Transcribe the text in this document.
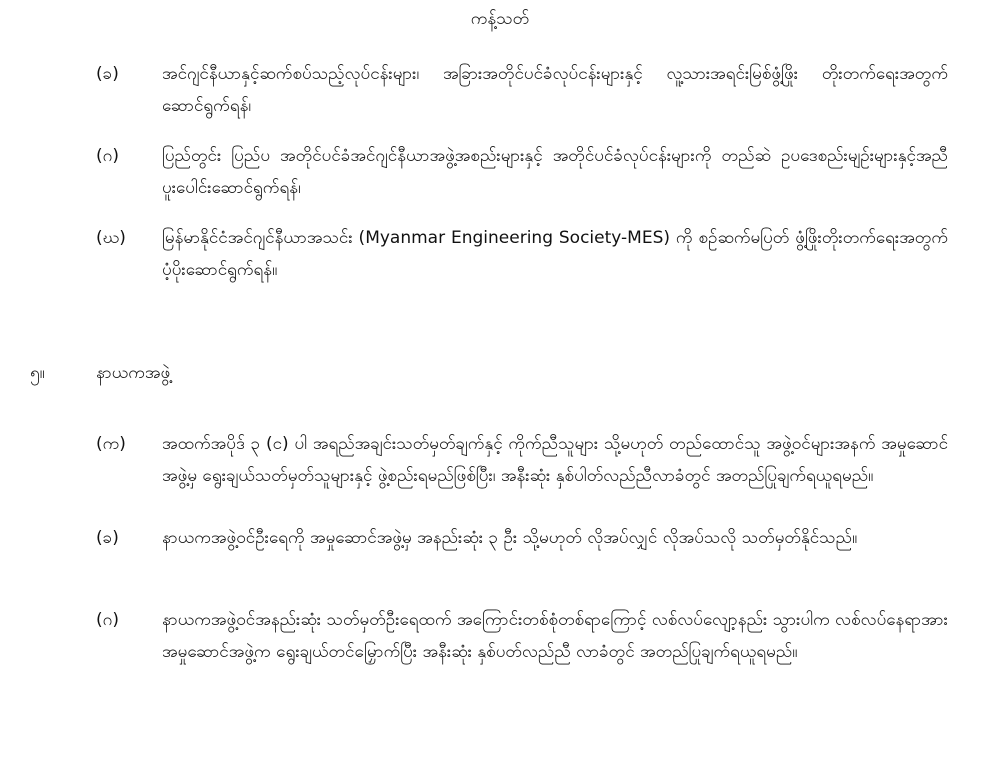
ကန့်သတ်
(ခ)	အင်ဂျင်နီယာနှင့်ဆက်စပ်သည့်လုပ်ငန်းများ၊ အခြားအတိုင်ပင်ခံလုပ်ငန်းများနှင့် လူ့သားအရင်းမြစ်ဖွံ့ဖြိုး တိုးတက်ရေးအတွက် ဆောင်ရွက်ရန်၊
(ဂ)	ပြည်တွင်း ပြည်ပ အတိုင်ပင်ခံအင်ဂျင်နီယာအဖွဲ့အစည်းများနှင့် အတိုင်ပင်ခံလုပ်ငန်းများကို တည်ဆဲ ဥပဒေစည်းမျဉ်းများနှင့်အညီ ပူးပေါင်းဆောင်ရွက်ရန်၊
(ဃ)	မြန်မာနိုင်ငံအင်ဂျင်နီယာအသင်း (Myanmar Engineering Society-MES) ကို စဉ်ဆက်မပြတ် ဖွံ့ဖြိုးတိုးတက်ရေးအတွက် ပံ့ပိုးဆောင်ရွက်ရန်။
၅။	နာယကအဖွဲ့
(က)	အထက်အပိုဒ် ၃ (င) ပါ အရည်အချင်းသတ်မှတ်ချက်နှင့် ကိုက်ညီသူများ သို့မဟုတ် တည်ထောင်သူ အဖွဲ့ဝင်များအနက် အမှုဆောင်အဖွဲ့မှ ရွေးချယ်သတ်မှတ်သူများနှင့် ဖွဲ့စည်းရမည်ဖြစ်ပြီး၊ အနီးဆုံး နှစ်ပါတ်လည်ညီလာခံတွင် အတည်ပြုချက်ရယူရမည်။
(ခ)	နာယကအဖွဲ့ဝင်ဦးရေကို အမှုဆောင်အဖွဲ့မှ အနည်းဆုံး ၃ ဦး သို့မဟုတ် လိုအပ်လျှင် လိုအပ်သလို သတ်မှတ်နိုင်သည်။
(ဂ)	နာယကအဖွဲ့ဝင်အနည်းဆုံး သတ်မှတ်ဦးရေထက် အကြောင်းတစ်စုံတစ်ရာကြောင့် လစ်လပ်လျော့နည်း သွားပါက လစ်လပ်နေရာအား အမှုဆောင်အဖွဲ့က ရွေးချယ်တင်မြှောက်ပြီး အနီးဆုံး နှစ်ပတ်လည်ညီ လာခံတွင် အတည်ပြုချက်ရယူရမည်။
